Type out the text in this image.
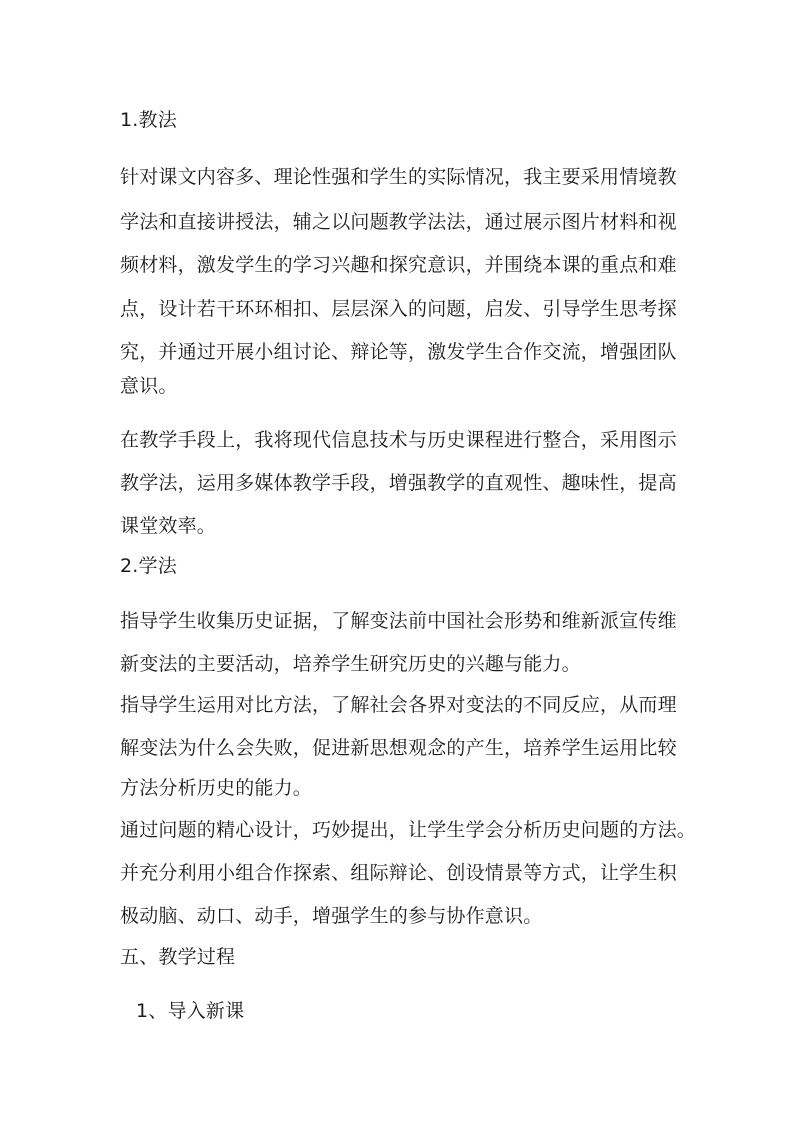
1.教法
针对课文内容多、理论性强和学生的实际情况，我主要采用情境教
学法和直接讲授法，辅之以问题教学法法，通过展示图片材料和视
频材料，激发学生的学习兴趣和探究意识，并围绕本课的重点和难
点，设计若干环环相扣、层层深入的问题，启发、引导学生思考探
究，并通过开展小组讨论、辩论等，激发学生合作交流，增强团队
意识。
在教学手段上，我将现代信息技术与历史课程进行整合，采用图示
教学法，运用多媒体教学手段，增强教学的直观性、趣味性，提高
课堂效率。
2.学法
指导学生收集历史证据，了解变法前中国社会形势和维新派宣传维
新变法的主要活动，培养学生研究历史的兴趣与能力。
指导学生运用对比方法，了解社会各界对变法的不同反应，从而理
解变法为什么会失败，促进新思想观念的产生，培养学生运用比较
方法分析历史的能力。
通过问题的精心设计，巧妙提出，让学生学会分析历史问题的方法。
并充分利用小组合作探索、组际辩论、创设情景等方式，让学生积
极动脑、动口、动手，增强学生的参与协作意识。
五、教学过程
1、导入新课
